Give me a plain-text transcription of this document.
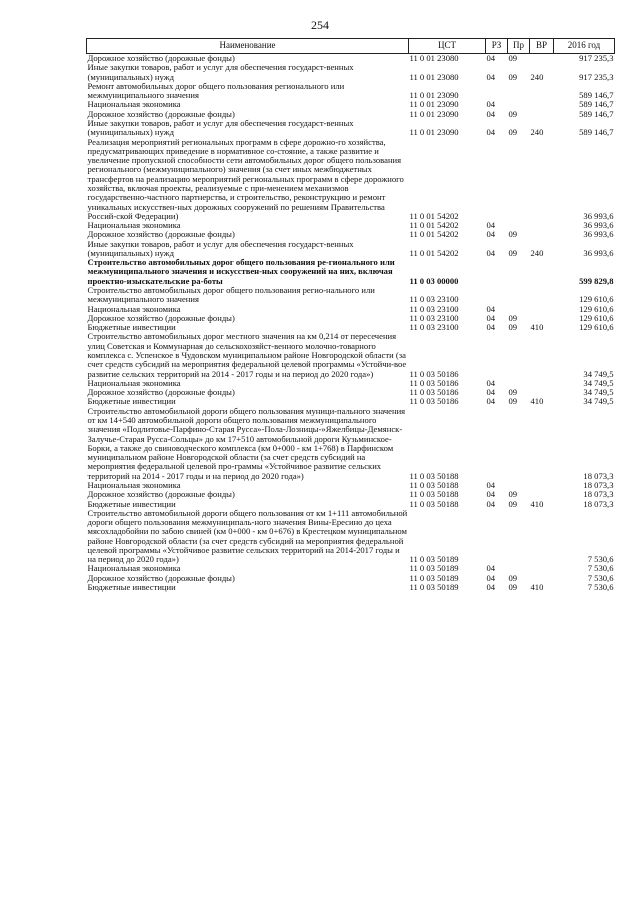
254
Наименование	ЦСТ	РЗ	Пр	ВР	2016 год
Дорожное хозяйство (дорожные фонды)	11 0 01 23080	04	09		917 235,3
Иные закупки товаров, работ и услуг для обеспечения государст-венных (муниципальных) нужд	11 0 01 23080	04	09	240	917 235,3
Ремонт автомобильных дорог общего пользования регионального или межмуниципального значения	11 0 01 23090				589 146,7
Национальная экономика	11 0 01 23090	04			589 146,7
Дорожное хозяйство (дорожные фонды)	11 0 01 23090	04	09		589 146,7
Иные закупки товаров, работ и услуг для обеспечения государст-венных (муниципальных) нужд	11 0 01 23090	04	09	240	589 146,7
Реализация мероприятий региональных программ в сфере дорожно-го хозяйства, предусматривающих приведение в нормативное со-стояние, а также развитие и увеличение пропускной способности сети автомобильных дорог общего пользования регионального (межмуниципального) значения (за счет иных межбюджетных трансфертов на реализацию мероприятий региональных программ в сфере дорожного хозяйства, включая проекты, реализуемые с при-менением механизмов государственно-частного партнерства, и строительство, реконструкцию и ремонт уникальных искусствен-ных дорожных сооружений по решениям Правительства Россий-ской Федерации)	11 0 01 54202				36 993,6
Национальная экономика	11 0 01 54202	04			36 993,6
Дорожное хозяйство (дорожные фонды)	11 0 01 54202	04	09		36 993,6
Иные закупки товаров, работ и услуг для обеспечения государст-венных (муниципальных) нужд	11 0 01 54202	04	09	240	36 993,6
Строительство автомобильных дорог общего пользования ре-гионального или межмуниципального значения и искусствен-ных сооружений на них, включая проектно-изыскательские ра-боты	11 0 03 00000				599 829,8
Строительство автомобильных дорог общего пользования регио-нального или межмуниципального значения	11 0 03 23100				129 610,6
Национальная экономика	11 0 03 23100	04			129 610,6
Дорожное хозяйство (дорожные фонды)	11 0 03 23100	04	09		129 610,6
Бюджетные инвестиции	11 0 03 23100	04	09	410	129 610,6
Строительство автомобильных дорог местного значения на км 0,214 от пересечения улиц Советская и Коммунарная до сельскохозяйст-венного молочно-товарного комплекса с. Успенское в Чудовском муниципальном районе Новгородской области (за счет средств субсидий на мероприятия федеральной целевой программы «Устойчи-вое развитие сельских территорий на 2014 - 2017 годы и на период до 2020 года»)	11 0 03 50186				34 749,5
Национальная экономика	11 0 03 50186	04			34 749,5
Дорожное хозяйство (дорожные фонды)	11 0 03 50186	04	09		34 749,5
Бюджетные инвестиции	11 0 03 50186	04	09	410	34 749,5
Строительство автомобильной дороги общего пользования муници-пального значения от км 14+540 автомобильной дороги общего пользования межмуниципального значения «Подлитовье-Парфино-Старая Русса»-Пола-Лозницы-»Яжелбицы-Демянск-Залучье-Старая Русса-Сольцы» до км 17+510 автомобильной дороги Кузьминское-Борки, а также до свиноводческого комплекса (км 0+000 - км 1+768) в Парфинском муниципальном районе Новгородской области (за счет средств субсидий на мероприятия федеральной целевой про-граммы «Устойчивое развитие сельских территорий на 2014 - 2017 годы и на период до 2020 года»)	11 0 03 50188				18 073,3
Национальная экономика	11 0 03 50188	04			18 073,3
Дорожное хозяйство (дорожные фонды)	11 0 03 50188	04	09		18 073,3
Бюджетные инвестиции	11 0 03 50188	04	09	410	18 073,3
Строительство автомобильной дороги общего пользования от км 1+111 автомобильной дороги общего пользования межмуниципаль-ного значения Вины-Ересино до цеха мясохладобойни по забою свиней (км 0+000 - км 0+676) в Крестецком муниципальном районе Новгородской области (за счет средств субсидий на мероприятия федеральной целевой программы «Устойчивое развитие сельских территорий на 2014-2017 годы и на период до 2020 года»)	11 0 03 50189				7 530,6
Национальная экономика	11 0 03 50189	04			7 530,6
Дорожное хозяйство (дорожные фонды)	11 0 03 50189	04	09		7 530,6
Бюджетные инвестиции	11 0 03 50189	04	09	410	7 530,6
